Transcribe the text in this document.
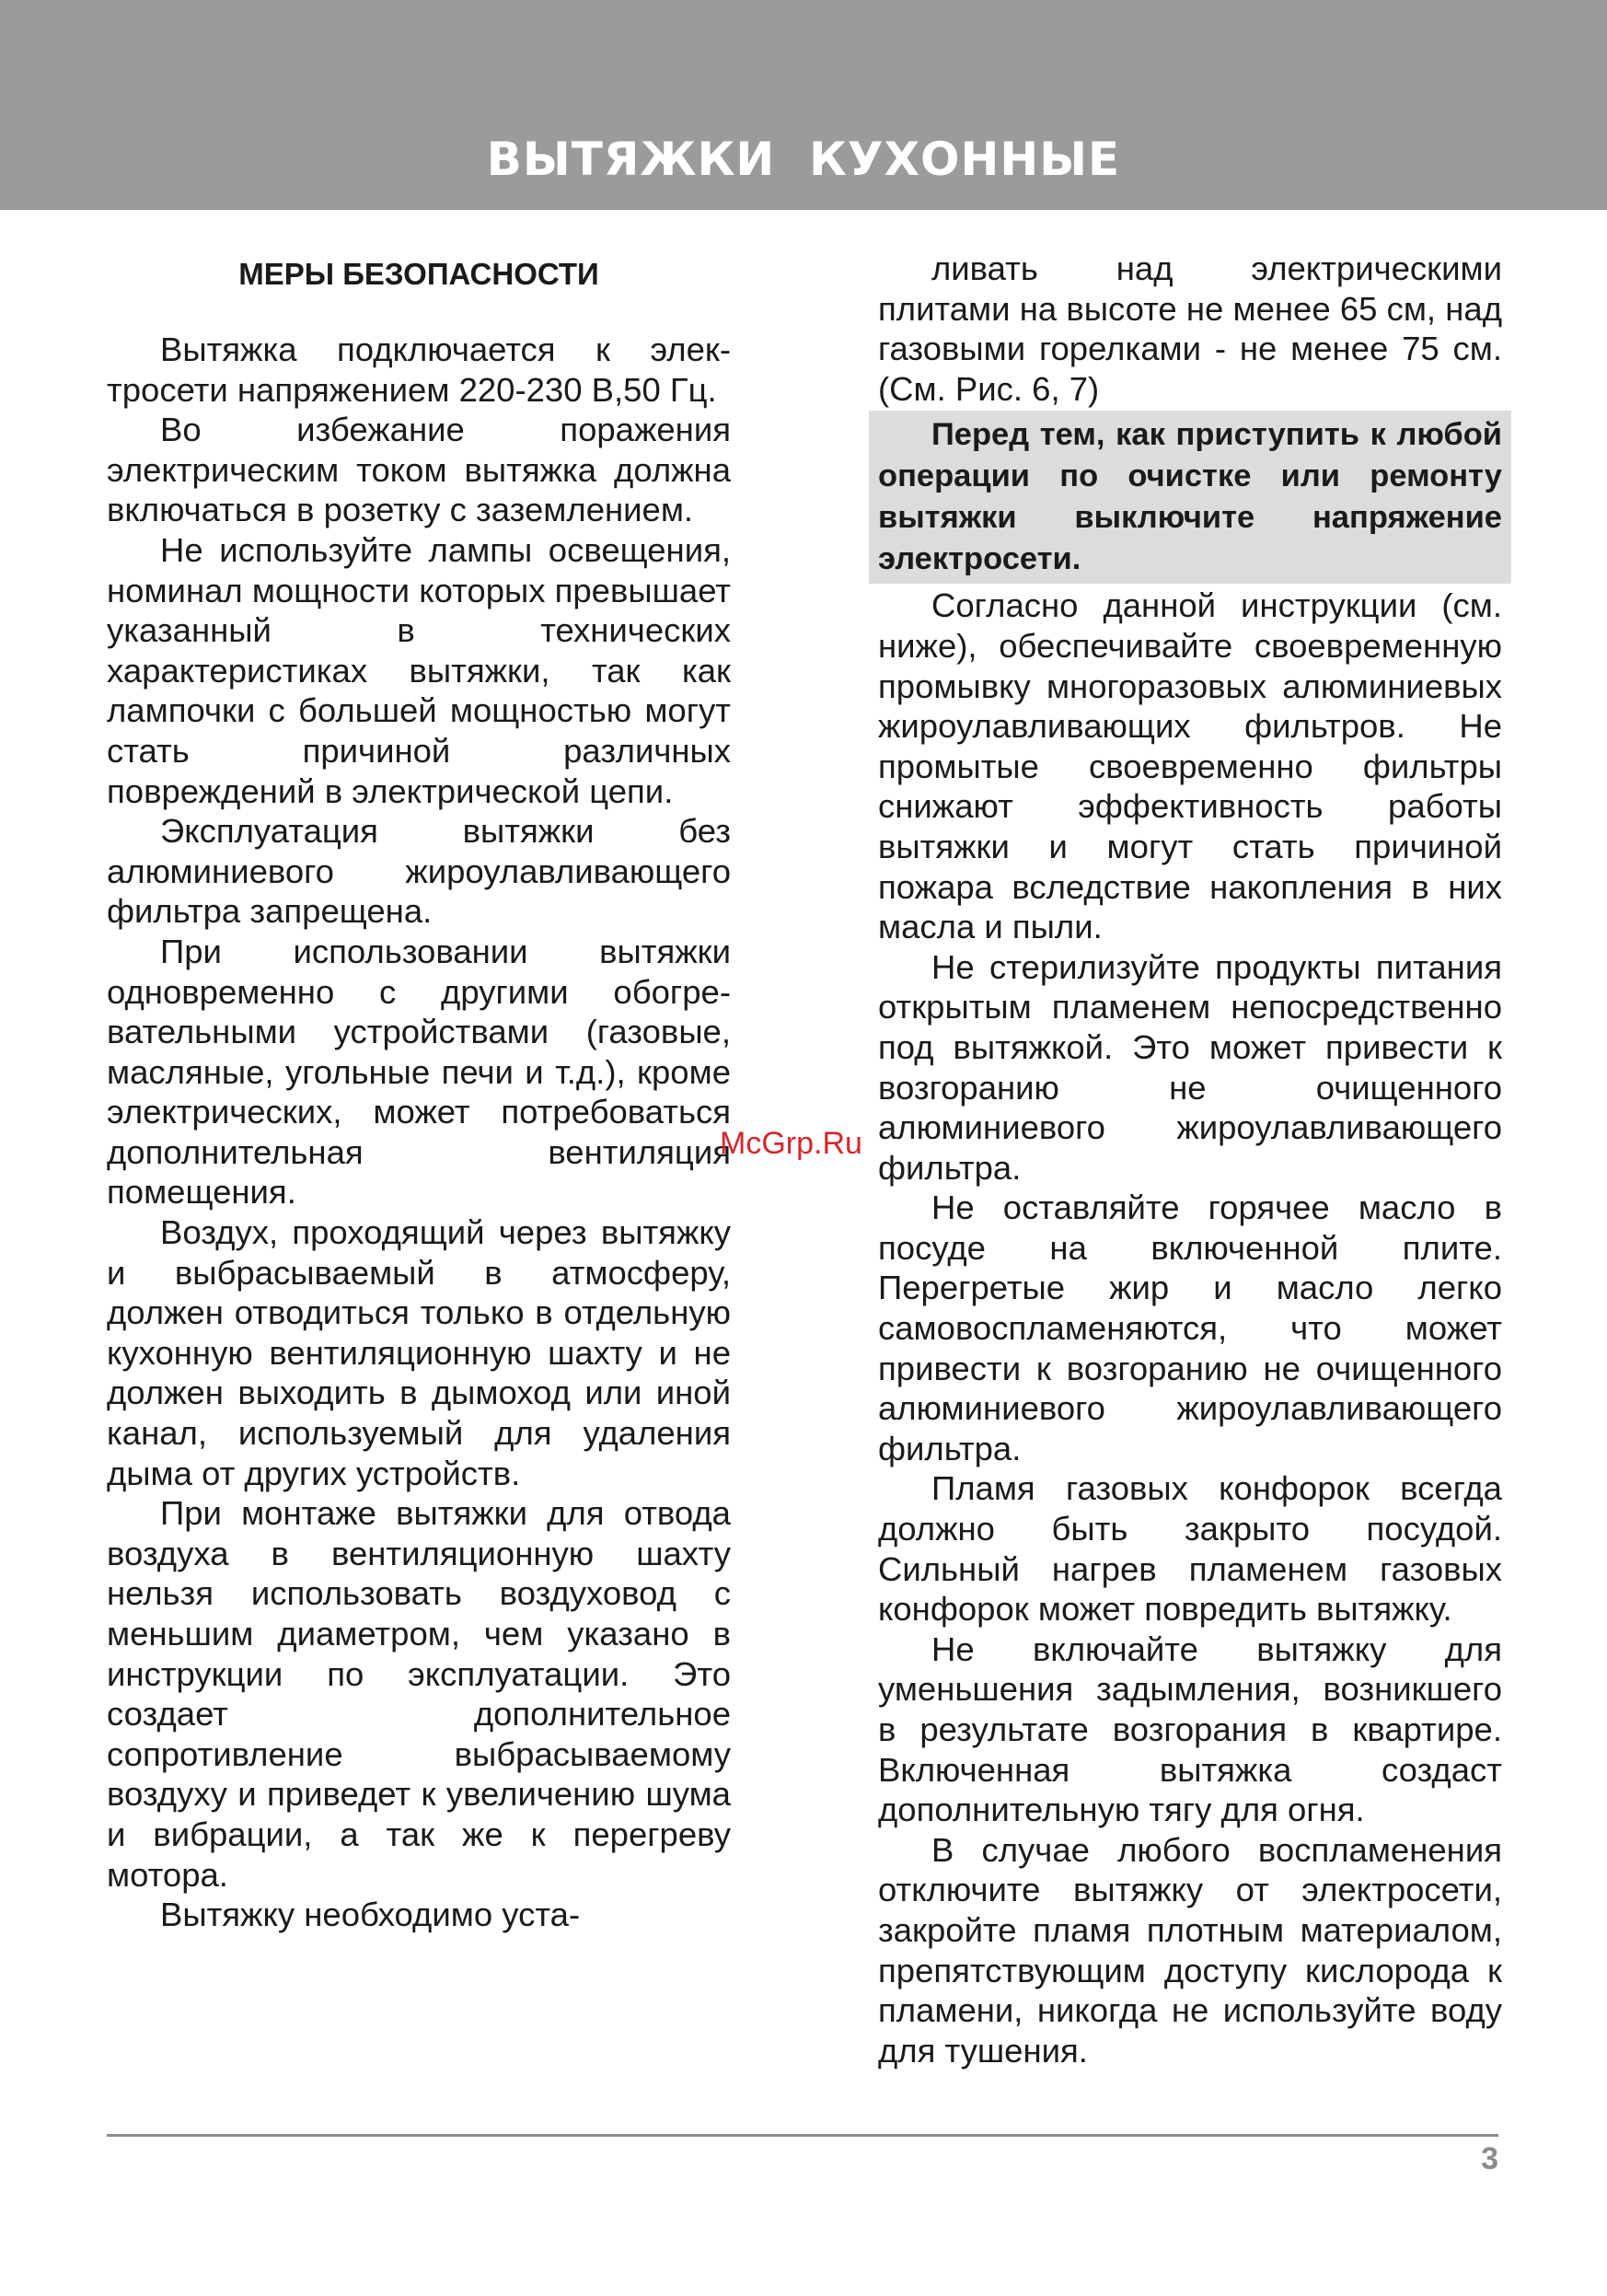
ВЫТЯЖКИ  КУХОННЫЕ
МЕРЫ БЕЗОПАСНОСТИ

Вытяжка подключается к электросети напряжением 220-230 В,50 Гц.

Во избежание поражения электрическим током вытяжка должна включаться в розетку с заземлением.

Не используйте лампы освещения, номинал мощности которых превышает указанный в технических характеристиках вытяжки, так как лампочки с большей мощностью могут стать причиной различных повреждений в электрической цепи.

Эксплуатация вытяжки без алюминиевого жироулавливающего фильтра запрещена.

При использовании вытяжки одновременно с другими обогревательными устройствами (газовые, масляные, угольные печи и т.д.), кроме электрических, может потребоваться дополнительная вентиляция помещения.

Воздух, проходящий через вытяжку и выбрасываемый в атмосферу, должен отводиться только в отдельную кухонную вентиляционную шахту и не должен выходить в дымоход или иной канал, используемый для удаления дыма от других устройств.

При монтаже вытяжки для отвода воздуха в вентиляционную шахту нельзя использовать воздуховод с меньшим диаметром, чем указано в инструкции по эксплуатации. Это создает дополнительное сопротивление выбрасываемому воздуху и приведет к увеличению шума и вибрации, а так же к перегреву мотора.

Вытяжку необходимо уста-

ливать над электрическими плитами на высоте не менее 65 см, над газовыми горелками - не менее 75 см. (См. Рис. 6, 7)

Перед тем, как приступить к любой операции по очистке или ремонту вытяжки выключите напряжение электросети.

Согласно данной инструкции (см. ниже), обеспечивайте своевременную промывку многоразовых алюминиевых жироулавливающих фильтров. Не промытые своевременно фильтры снижают эффективность работы вытяжки и могут стать причиной пожара вследствие накопления в них масла и пыли.

Не стерилизуйте продукты питания открытым пламенем непосредственно под вытяжкой. Это может привести к возгоранию не очищенного алюминиевого жироулавливающего фильтра.

Не оставляйте горячее масло в посуде на включенной плите. Перегретые жир и масло легко самовоспламеняются, что может привести к возгоранию не очищенного алюминиевого жироулавливающего фильтра.

Пламя газовых конфорок всегда должно быть закрыто посудой. Сильный нагрев пламенем газовых конфорок может повредить вытяжку.

Не включайте вытяжку для уменьшения задымления, возникшего в результате возгорания в квартире. Включенная вытяжка создаст дополнительную тягу для огня.

В случае любого воспламенения отключите вытяжку от электросети, закройте пламя плотным материалом, препятствующим доступу кислорода к пламени, никогда не используйте воду для тушения.

McGrp.Ru
3
